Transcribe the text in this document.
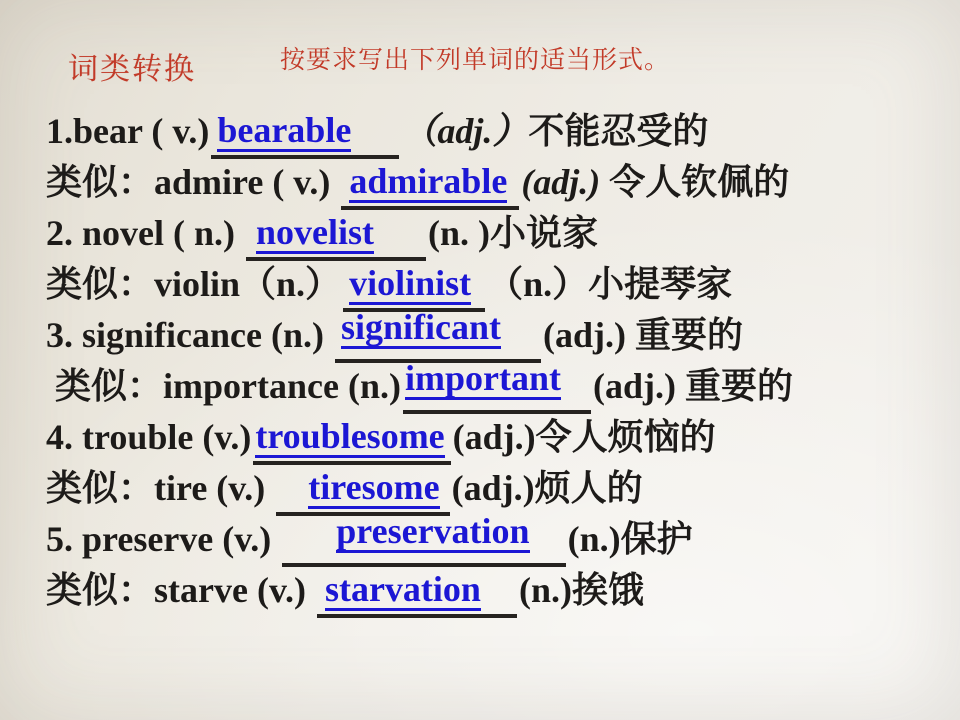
词类转换	按要求写出下列单词的适当形式。
1.bear ( v.) bearable （adj.）不能忍受的
类似：admire ( v.) admirable (adj.) 令人钦佩的
2. novel ( n.) novelist (n. )小说家
类似：violin（n.） violinist （n.）小提琴家
3. significance (n.) significant (adj.) 重要的
类似：importance (n.) important (adj.) 重要的
4. trouble (v.) troublesome (adj.)令人烦恼的
类似：tire (v.) tiresome (adj.)烦人的
5. preserve (v.) preservation (n.)保护
类似：starve (v.) starvation (n.)挨饿
